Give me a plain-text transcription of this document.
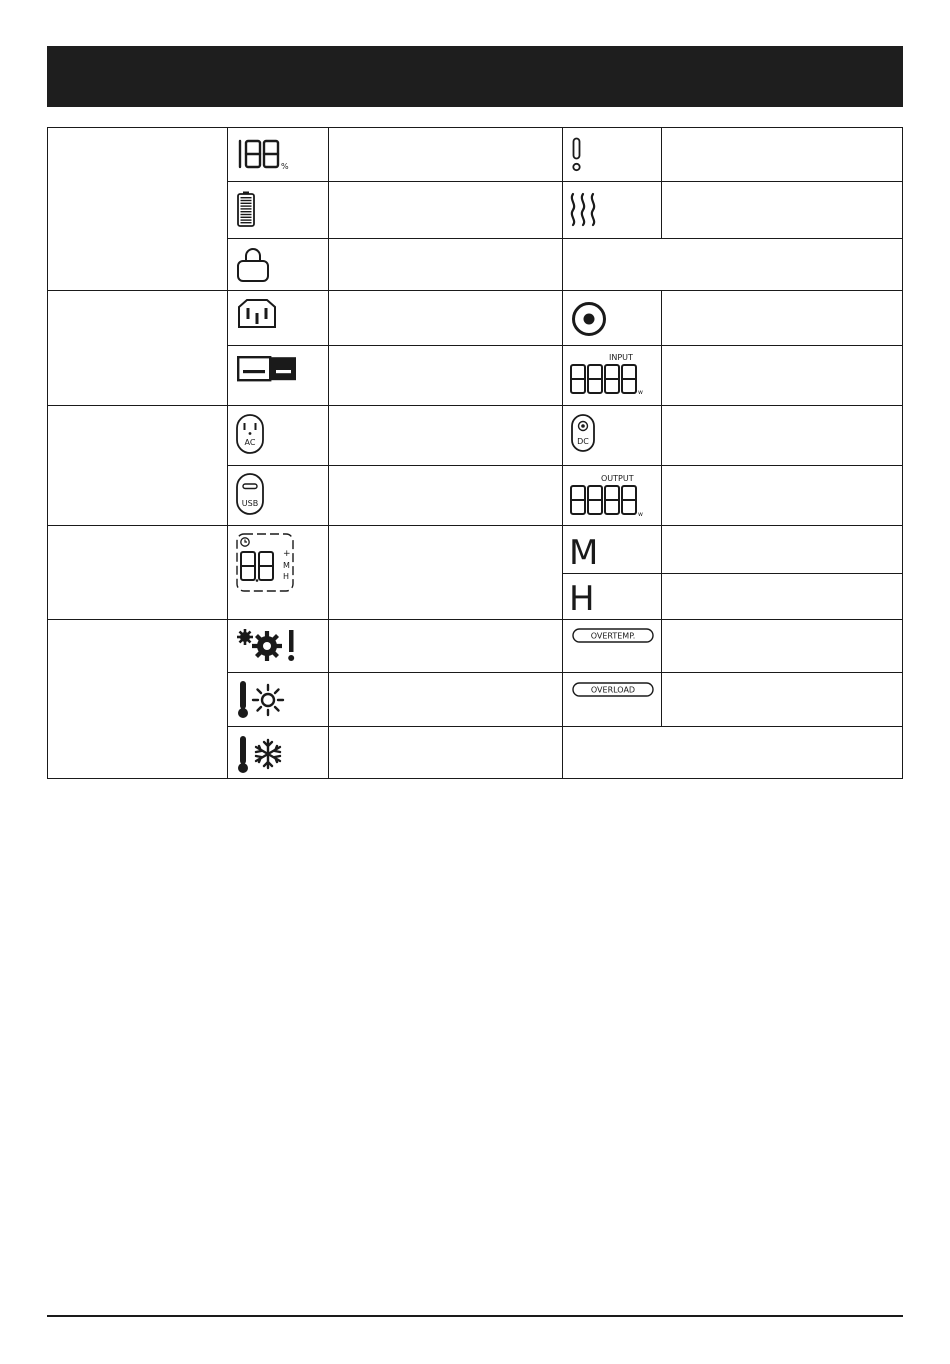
%
INPUT
w
AC	DC
USB
OUTPUT
w
+
M
H
M
H
OVERTEMP.
OVERLOAD
